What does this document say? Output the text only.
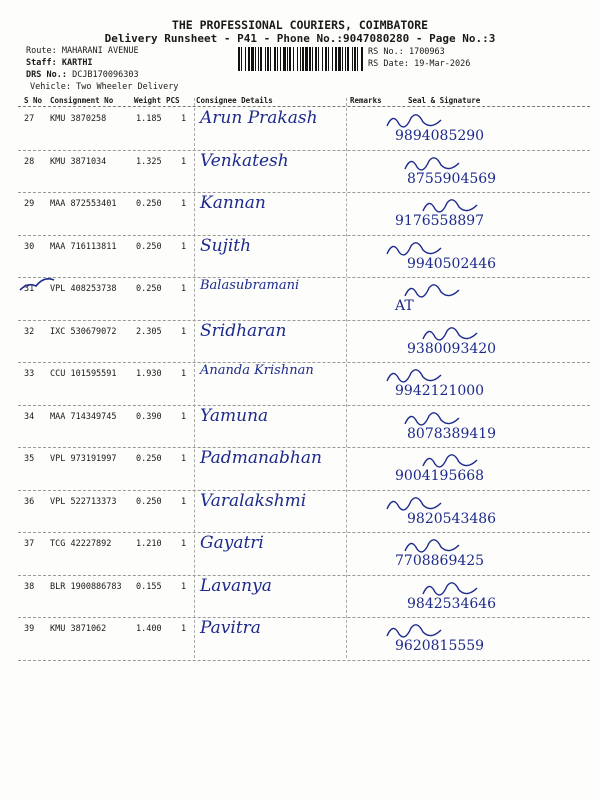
THE PROFESSIONAL COURIERS, COIMBATORE
Delivery Runsheet - P41 - Phone No.:9047080280 - Page No.:3
Route: MAHARANI AVENUE
Staff: KARTHI
DRS No.: DCJB170096303
Vehicle: Two Wheeler Delivery
RS No.: 1700963
RS Date: 19-Mar-2026
S No Consignment No	Weight PCS Consignee Details	Remarks	Seal & Signature
27 KMU 3870258	1.185 1 Arun Prakash
9894085290
28 KMU 3871034	1.325 1 Venkatesh
8755904569
29 MAA 872553401 0.250 1 Kannan
9176558897
30 MAA 716113811 0.250 1 Sujith
9940502446
31 VPL 408253738 0.250 1 Balasubramani
AT
32 IXC 530679072 2.305 1 Sridharan
9380093420
33 CCU 101595591 1.930 1 Ananda Krishnan
9942121000
34 MAA 714349745 0.390 1 Yamuna
8078389419
35 VPL 973191997 0.250 1 Padmanabhan
9004195668
36 VPL 522713373 0.250 1 Varalakshmi
9820543486
37 TCG 42227892	1.210 1 Gayatri
7708869425
38 BLR 1900886783 0.155 1 Lavanya
9842534646
39 KMU 3871062	1.400 1 Pavitra
9620815559
